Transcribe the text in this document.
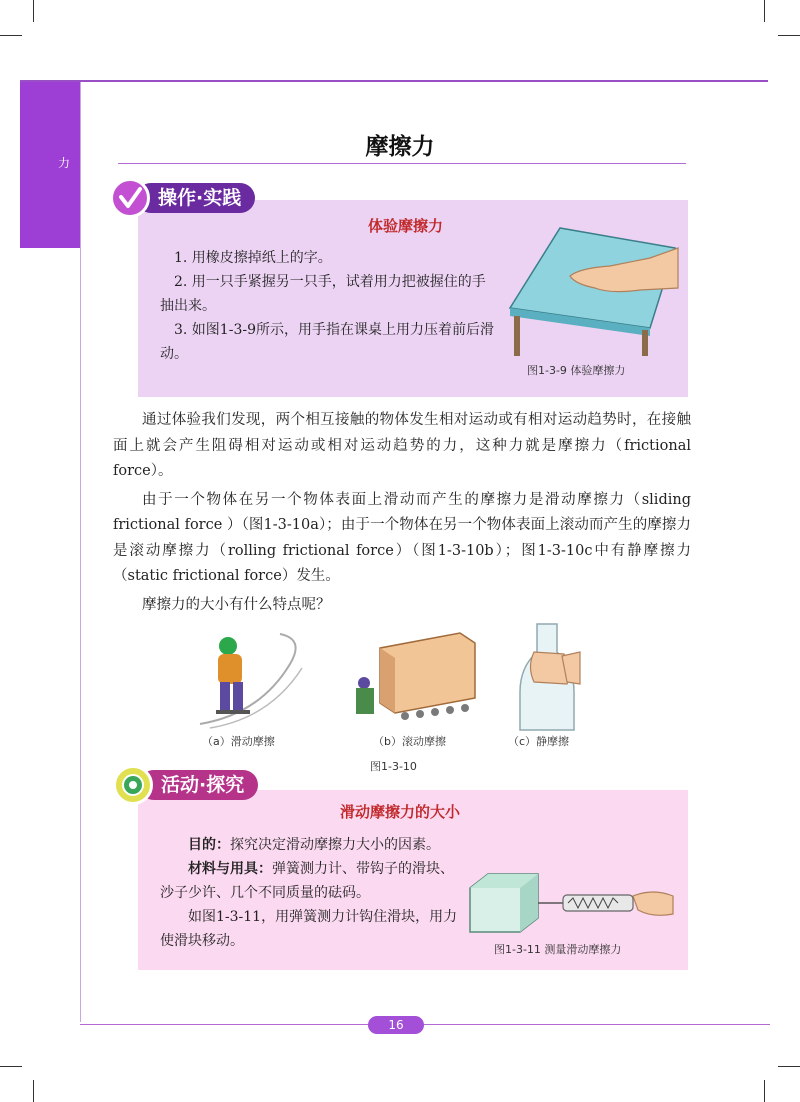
力
摩擦力
操作·实践
体验摩擦力

1. 用橡皮擦掉纸上的字。

2. 用一只手紧握另一只手，试着用力把被握住的手抽出来。

3. 如图1-3-9所示，用手指在课桌上用力压着前后滑动。

图1-3-9 体验摩擦力

通过体验我们发现，两个相互接触的物体发生相对运动或有相对运动趋势时，在接触面上就会产生阻碍相对运动或相对运动趋势的力，这种力就是摩擦力（frictional force）。

由于一个物体在另一个物体表面上滑动而产生的摩擦力是滑动摩擦力（sliding frictional force ）（图1-3-10a）；由于一个物体在另一个物体表面上滚动而产生的摩擦力是滚动摩擦力（rolling frictional force）（图1-3-10b）；图1-3-10c中有静摩擦力（static frictional force）发生。

摩擦力的大小有什么特点呢？

（a）滑动摩擦	（b）滚动摩擦	（c）静摩擦
图1-3-10
活动·探究
滑动摩擦力的大小

目的：探究决定滑动摩擦力大小的因素。

材料与用具：弹簧测力计、带钩子的滑块、沙子少许、几个不同质量的砝码。

如图1-3-11，用弹簧测力计钩住滑块，用力使滑块移动。

图1-3-11 测量滑动摩擦力
16
